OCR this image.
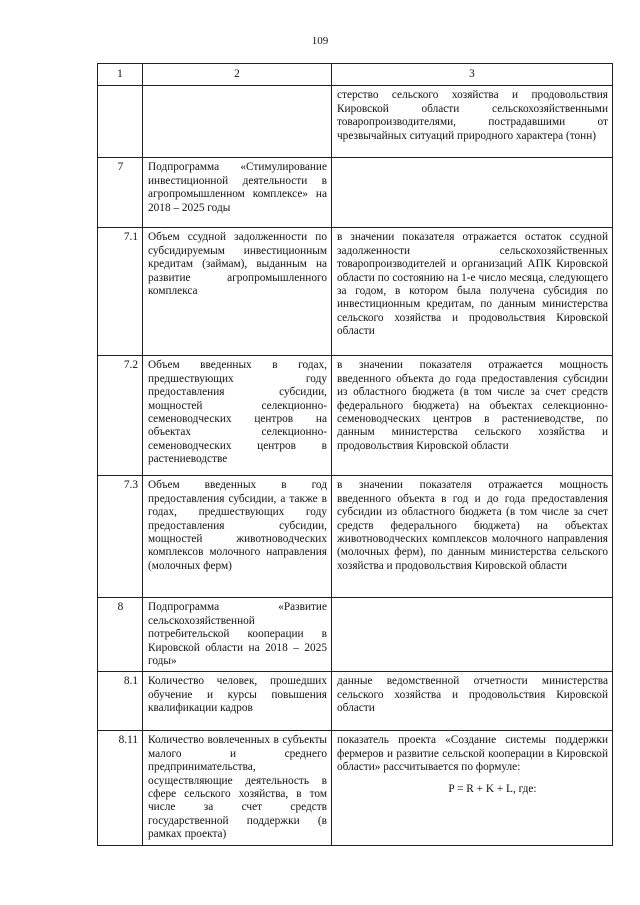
109
1	2	3
		стерство сельского хозяйства и продовольствия Кировской области сельскохозяйственными товаропроизводителями, пострадавшими от чрезвычайных ситуаций природного характера (тонн)
7	Подпрограмма «Стимулирование инвестиционной деятельности в агропромышленном комплексе» на 2018 – 2025 годы	
7.1	Объем ссудной задолженности по субсидируемым инвестиционным кредитам (займам), выданным на развитие агропромышленного комплекса	в значении показателя отражается остаток ссудной задолженности сельскохозяйственных товаропроизводителей и организаций АПК Кировской области по состоянию на 1-е число месяца, следующего за годом, в котором была получена субсидия по инвестиционным кредитам, по данным министерства сельского хозяйства и продовольствия Кировской области
7.2	Объем введенных в годах, предшествующих году предоставления субсидии, мощностей селекционно-семеноводческих центров на объектах селекционно-семеноводческих центров в растениеводстве	в значении показателя отражается мощность введенного объекта до года предоставления субсидии из областного бюджета (в том числе за счет средств федерального бюджета) на объектах селекционно-семеноводческих центров в растениеводстве, по данным министерства сельского хозяйства и продовольствия Кировской области
7.3	Объем введенных в год предоставления субсидии, а также в годах, предшествующих году предоставления субсидии, мощностей животноводческих комплексов молочного направления (молочных ферм)	в значении показателя отражается мощность введенного объекта в год и до года предоставления субсидии из областного бюджета (в том числе за счет средств федерального бюджета) на объектах животноводческих комплексов молочного направления (молочных ферм), по данным министерства сельского хозяйства и продовольствия Кировской области
8	Подпрограмма «Развитие сельскохозяйственной потребительской кооперации в Кировской области на 2018 – 2025 годы»	
8.1	Количество человек, прошедших обучение и курсы повышения квалификации кадров	данные ведомственной отчетности министерства сельского хозяйства и продовольствия Кировской области
8.11	Количество вовлеченных в субъекты малого и среднего предпринимательства, осуществляющие деятельность в сфере сельского хозяйства, в том числе за счет средств государственной поддержки (в рамках проекта)	показатель проекта «Создание системы поддержки фермеров и развитие сельской кооперации в Кировской области» рассчитывается по формуле:
P = R + K + L, где:
